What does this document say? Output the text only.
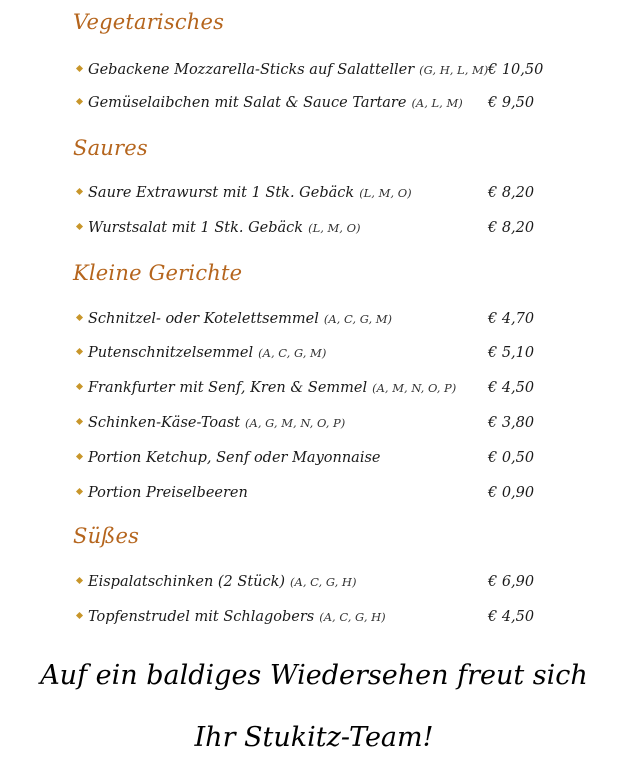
Vegetarisches
Gebackene Mozzarella-Sticks auf Salatteller (G, H, L, M) € 10,50
Gemüselaibchen mit Salat & Sauce Tartare (A, L, M) € 9,50
Saures
Saure Extrawurst mit 1 Stk. Gebäck (L, M, O)	€ 8,20
Wurstsalat mit 1 Stk. Gebäck (L, M, O)	€ 8,20
Kleine Gerichte
Schnitzel- oder Kotelettsemmel (A, C, G, M)	€ 4,70
Putenschnitzelsemmel (A, C, G, M)	€ 5,10
Frankfurter mit Senf, Kren & Semmel (A, M, N, O, P) € 4,50
Schinken-Käse-Toast (A, G, M, N, O, P)	€ 3,80
Portion Ketchup, Senf oder Mayonnaise	€ 0,50
Portion Preiselbeeren	€ 0,90
Süßes
Eispalatschinken (2 Stück) (A, C, G, H)	€ 6,90
Topfenstrudel mit Schlagobers (A, C, G, H)	€ 4,50
Auf ein baldiges Wiedersehen freut sich
Ihr Stukitz-Team!
